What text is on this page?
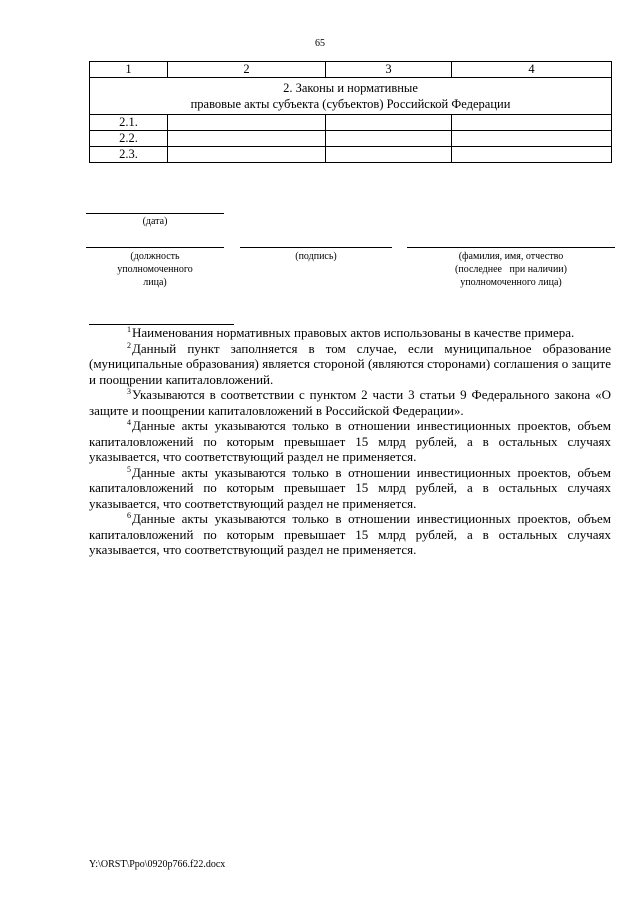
65
1	2	3	4

2. Законы и нормативные
правовые акты субъекта (субъектов) Российской Федерации			

2.1.			
2.2.			
2.3.			
(дата)
(должность
уполномоченного
лица)
(подпись)	(фамилия, имя, отчество
(последнее   при наличии)
уполномоченного лица)

$^1$Наименования нормативных правовых актов использованы в качестве примера.

$^2$Данный пункт заполняется в том случае, если муниципальное образование (муниципальные образования) является стороной (являются сторонами) соглашения о защите и поощрении капиталовложений.

$^3$Указываются в соответствии с пунктом 2 части 3 статьи 9 Федерального закона «О защите и поощрении капиталовложений в Российской Федерации».

$^4$Данные акты указываются только в отношении инвестиционных проектов, объем капиталовложений по которым превышает 15 млрд рублей, а в остальных случаях указывается, что соответствующий раздел не применяется.

$^5$Данные акты указываются только в отношении инвестиционных проектов, объем капиталовложений по которым превышает 15 млрд рублей, а в остальных случаях указывается, что соответствующий раздел не применяется.

$^6$Данные акты указываются только в отношении инвестиционных проектов, объем капиталовложений по которым превышает 15 млрд рублей, а в остальных случаях указывается, что соответствующий раздел не применяется.

Y:\ORST\Ppo\0920p766.f22.docx
